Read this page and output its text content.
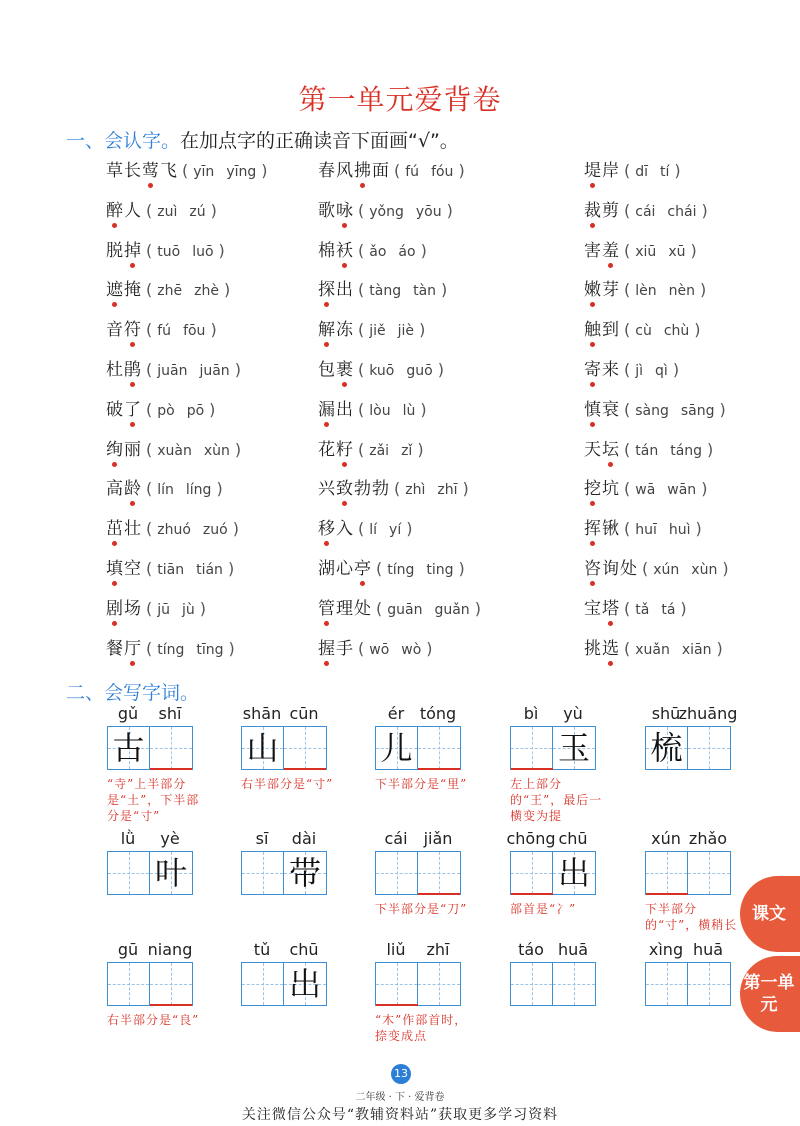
第一单元爱背卷
一、会认字。在加点字的正确读音下面画“√”。
草长莺飞 ( yīn yīng )
醉人 ( zuì zú )
脱掉 ( tuō luō )
遮掩 ( zhē zhè )
音符 ( fú fōu )
杜鹃 ( juān juān )
破了 ( pò pō )
绚丽 ( xuàn xùn )
高龄 ( lín líng )
茁壮 ( zhuó zuó )
填空 ( tiān tián )
剧场 ( jū jù )
餐厅 ( tíng tīng )
春风拂面 ( fú fóu )
歌咏 ( yǒng yōu )
棉袄 ( ǎo áo )
探出 ( tàng tàn )
解冻 ( jiě jiè )
包裹 ( kuō guō )
漏出 ( lòu lù )
花籽 ( zǎi zǐ )
兴致勃勃 ( zhì zhī )
移入 ( lí yí )
湖心亭 ( tíng ting )
管理处 ( guān guǎn )
握手 ( wō wò )
堤岸 ( dī tí )
裁剪 ( cái chái )
害羞 ( xiū xū )
嫩芽 ( lèn nèn )
触到 ( cù chù )
寄来 ( jì qì )
慎衰 ( sàng sāng )
天坛 ( tán táng )
挖坑 ( wā wān )
挥锹 ( huī huì )
咨询处 ( xún xùn )
宝塔 ( tǎ tá )
挑选 ( xuǎn xiān )
二、会写字词。
gǔ shī
古
“寺”上半部分是“土”，下半部分是“寸”
shān cūn
山
右半部分是“寸”
ér tóng
儿
下半部分是“里”
bì yù
玉
左上部分的“王”，最后一横变为提
shū
zhuāng
梳
lǜ yè
叶
sī dài
带
cái jiǎn
下半部分是“刀”
chōng chū
出
部首是“冫”
xún zhǎo
下半部分的“寸”，横稍长
gū niang
右半部分是“良”
tǔ chū
出
liǔ zhī
“木”作部首时，捺变成点
táo huā	xìng huā
课文
第一单元
13
二年级 · 下 · 爱背卷
关注微信公众号“教辅资料站”获取更多学习资料
